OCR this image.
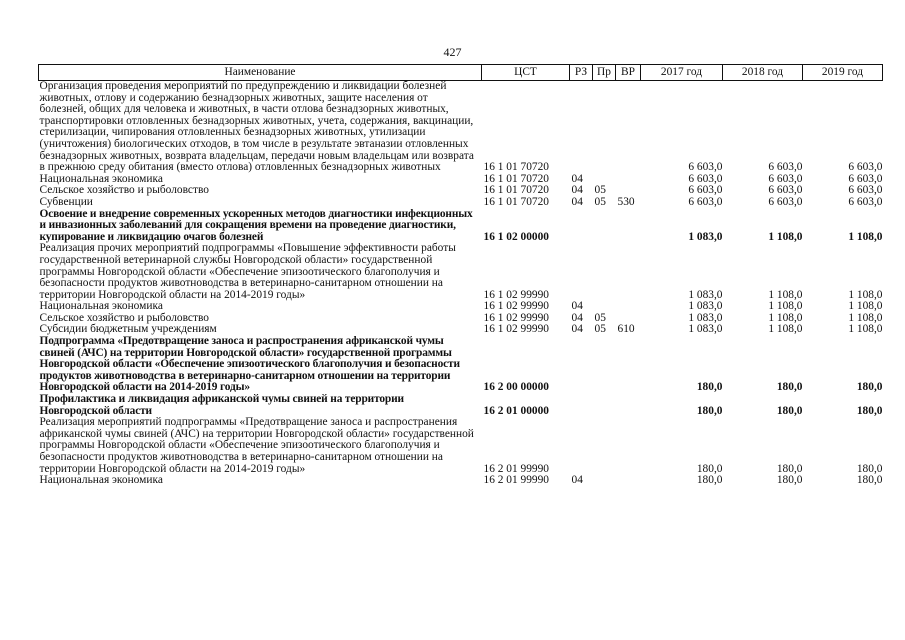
427
Наименование	ЦСТ	РЗ	Пр	ВР	2017 год	2018 год	2019 год
Организация проведения мероприятий по предупреждению и ликвидации болезней животных, отлову и содержанию безнадзорных животных, защите населения от болезней, общих для человека и животных, в части отлова безнадзорных животных, транспортировки отловленных безнадзорных животных, учета, содержания, вакцинации, стерилизации, чипирования отловленных безнадзорных животных, утилизации (уничтожения) биологических отходов, в том числе в результате эвтаназии отловленных безнадзорных животных, возврата владельцам, передачи новым владельцам или возврата в прежнюю среду обитания (вместо отлова) отловленных безнадзорных животных	16 1 01 70720				6 603,0	6 603,0	6 603,0
Национальная экономика	16 1 01 70720	04			6 603,0	6 603,0	6 603,0
Сельское хозяйство и рыболовство	16 1 01 70720	04	05		6 603,0	6 603,0	6 603,0
Субвенции	16 1 01 70720	04	05	530	6 603,0	6 603,0	6 603,0
Освоение и внедрение современных ускоренных методов диагностики инфекционных и инвазионных заболеваний для сокращения времени на проведение диагностики, купирование и ликвидацию очагов болезней	16 1 02 00000				1 083,0	1 108,0	1 108,0
Реализация прочих мероприятий подпрограммы «Повышение эффективности работы государственной ветеринарной службы Новгородской области» государственной программы Новгородской области «Обеспечение эпизоотического благополучия и безопасности продуктов животноводства в ветеринарно-санитарном отношении на территории Новгородской области на 2014-2019 годы»	16 1 02 99990				1 083,0	1 108,0	1 108,0
Национальная экономика	16 1 02 99990	04			1 083,0	1 108,0	1 108,0
Сельское хозяйство и рыболовство	16 1 02 99990	04	05		1 083,0	1 108,0	1 108,0
Субсидии бюджетным учреждениям	16 1 02 99990	04	05	610	1 083,0	1 108,0	1 108,0
Подпрограмма «Предотвращение заноса и распространения африканской чумы свиней (АЧС) на территории Новгородской области» государственной программы Новгородской области «Обеспечение эпизоотического благополучия и безопасности продуктов животноводства в ветеринарно-санитарном отношении на территории Новгородской области на 2014-2019 годы»	16 2 00 00000				180,0	180,0	180,0
Профилактика и ликвидация африканской чумы свиней на территории Новгородской области	16 2 01 00000				180,0	180,0	180,0
Реализация мероприятий подпрограммы «Предотвращение заноса и распространения африканской чумы свиней (АЧС) на территории Новгородской области» государственной программы Новгородской области «Обеспечение эпизоотического благополучия и безопасности продуктов животноводства в ветеринарно-санитарном отношении на территории Новгородской области на 2014-2019 годы»	16 2 01 99990				180,0	180,0	180,0
Национальная экономика	16 2 01 99990	04			180,0	180,0	180,0
